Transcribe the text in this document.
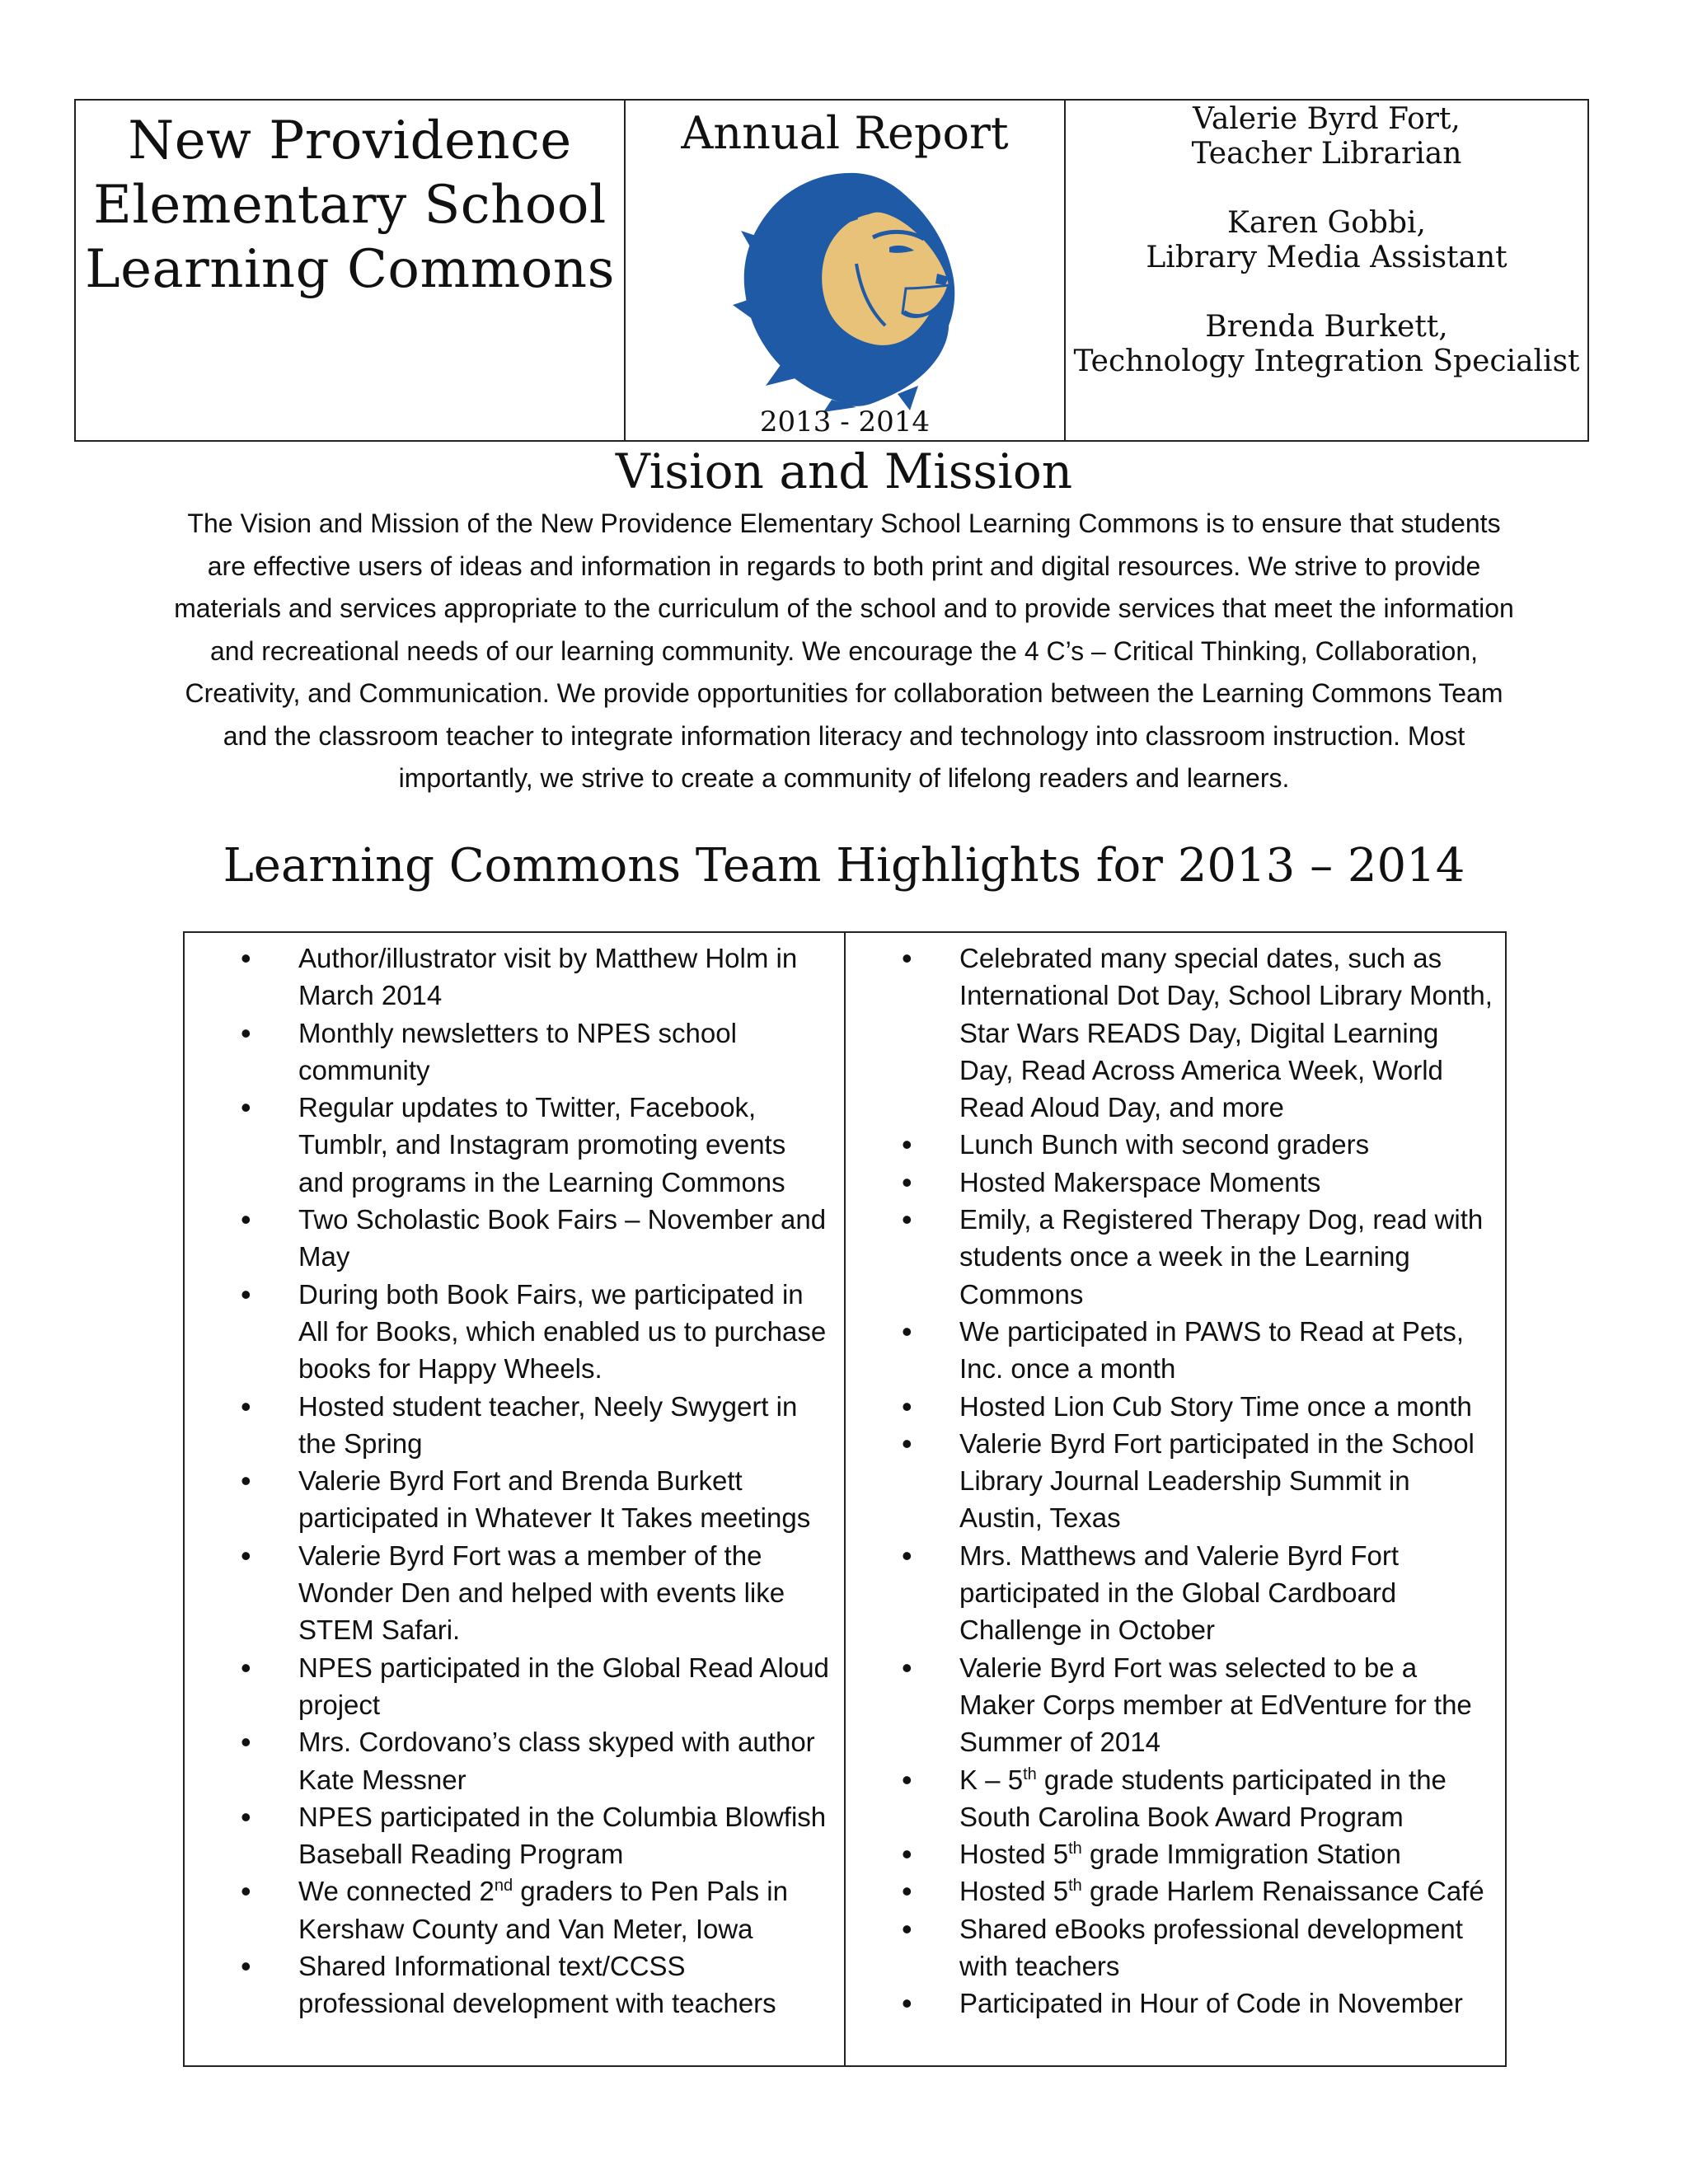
New Providence
Elementary School
Learning Commons
Annual Report
2013 - 2014
Valerie Byrd Fort,
Teacher Librarian
Karen Gobbi,
Library Media Assistant
Brenda Burkett,
Technology Integration Specialist
Vision and Mission
The Vision and Mission of the New Providence Elementary School Learning Commons is to ensure that students are effective users of ideas and information in regards to both print and digital resources. We strive to provide materials and services appropriate to the curriculum of the school and to provide services that meet the information and recreational needs of our learning community. We encourage the 4 C’s – Critical Thinking, Collaboration, Creativity, and Communication. We provide opportunities for collaboration between the Learning Commons Team and the classroom teacher to integrate information literacy and technology into classroom instruction. Most importantly, we strive to create a community of lifelong readers and learners.
Learning Commons Team Highlights for 2013 – 2014
• Author/illustrator visit by Matthew Holm in March 2014
• Monthly newsletters to NPES school community
• Regular updates to Twitter, Facebook, Tumblr, and Instagram promoting events and programs in the Learning Commons
• Two Scholastic Book Fairs – November and May
• During both Book Fairs, we participated in All for Books, which enabled us to purchase books for Happy Wheels.
• Hosted student teacher, Neely Swygert in the Spring
• Valerie Byrd Fort and Brenda Burkett participated in Whatever It Takes meetings
• Valerie Byrd Fort was a member of the Wonder Den and helped with events like STEM Safari.
• NPES participated in the Global Read Aloud project
• Mrs. Cordovano’s class skyped with author Kate Messner
• NPES participated in the Columbia Blowfish Baseball Reading Program
• We connected 2nd graders to Pen Pals in Kershaw County and Van Meter, Iowa
• Shared Informational text/CCSS professional development with teachers
• Celebrated many special dates, such as International Dot Day, School Library Month, Star Wars READS Day, Digital Learning Day, Read Across America Week, World Read Aloud Day, and more
• Lunch Bunch with second graders
• Hosted Makerspace Moments
• Emily, a Registered Therapy Dog, read with students once a week in the Learning Commons
• We participated in PAWS to Read at Pets, Inc. once a month
• Hosted Lion Cub Story Time once a month
• Valerie Byrd Fort participated in the School Library Journal Leadership Summit in Austin, Texas
• Mrs. Matthews and Valerie Byrd Fort participated in the Global Cardboard Challenge in October
• Valerie Byrd Fort was selected to be a Maker Corps member at EdVenture for the Summer of 2014
• K – 5th grade students participated in the South Carolina Book Award Program
• Hosted 5th grade Immigration Station
• Hosted 5th grade Harlem Renaissance Café
• Shared eBooks professional development with teachers
• Participated in Hour of Code in November
